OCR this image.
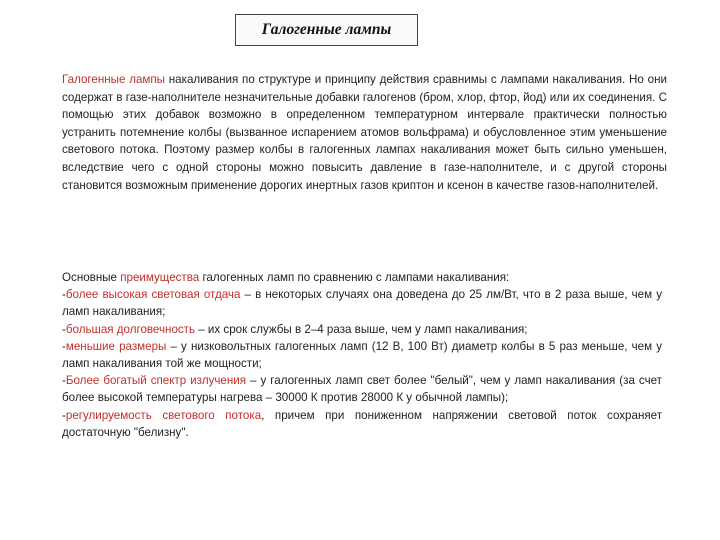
Галогенные лампы
Галогенные лампы накаливания по структуре и принципу действия сравнимы с лампами накаливания. Но они содержат в газе-наполнителе незначительные добавки галогенов (бром, хлор, фтор, йод) или их соединения. С помощью этих добавок возможно в определенном температурном интервале практически полностью устранить потемнение колбы (вызванное испарением атомов вольфрама) и обусловленное этим уменьшение светового потока. Поэтому размер колбы в галогенных лампах накаливания может быть сильно уменьшен, вследствие чего с одной стороны можно повысить давление в газе-наполнителе, и с другой стороны становится возможным применение дорогих инертных газов криптон и ксенон в качестве газов-наполнителей.
Основные преимущества галогенных ламп по сравнению с лампами накаливания:
-более высокая световая отдача – в некоторых случаях она доведена до 25 лм/Вт, что в 2 раза выше, чем у ламп накаливания;
-большая долговечность – их срок службы в 2–4 раза выше, чем у ламп накаливания;
-меньшие размеры – у низковольтных галогенных ламп (12 В, 100 Вт) диаметр колбы в 5 раз меньше, чем у ламп накаливания той же мощности;
-Более богатый спектр излучения – у галогенных ламп свет более "белый", чем у ламп накаливания (за счет более высокой температуры нагрева – 30000 К против 28000 К у обычной лампы);
-регулируемость светового потока, причем при пониженном напряжении световой поток сохраняет достаточную "белизну".
